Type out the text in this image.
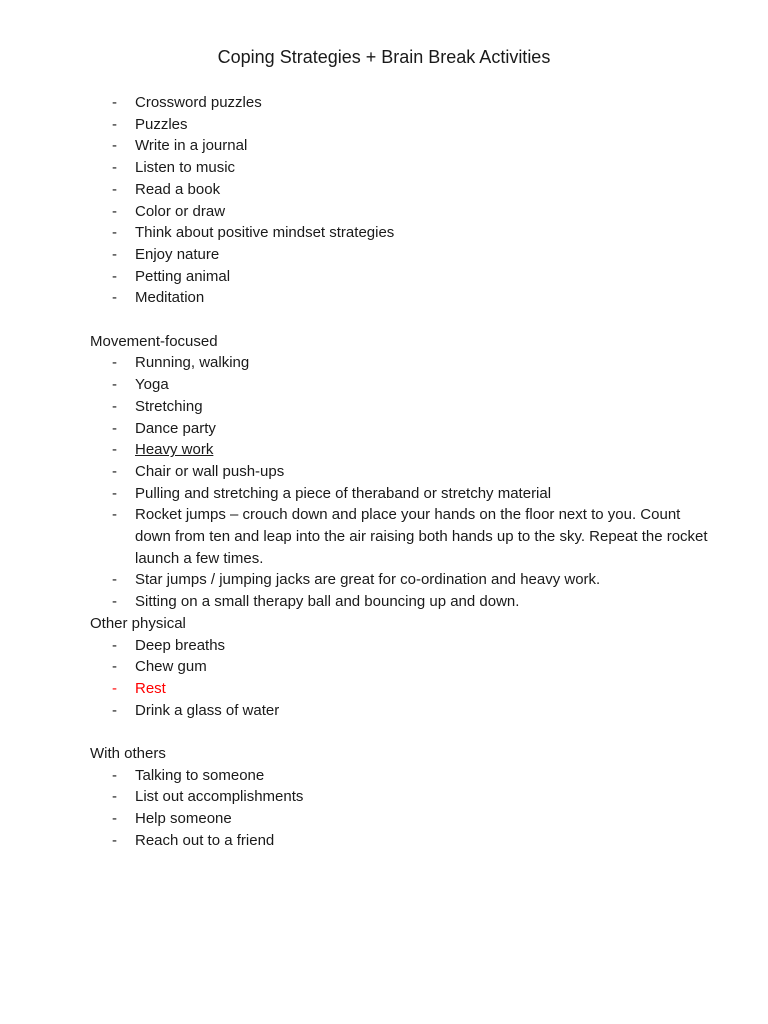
Coping Strategies + Brain Break Activities
- Crossword puzzles
- Puzzles
- Write in a journal
- Listen to music
- Read a book
- Color or draw
- Think about positive mindset strategies
- Enjoy nature
- Petting animal
- Meditation
Movement-focused
- Running, walking
- Yoga
- Stretching
- Dance party
- Heavy work
- Chair or wall push-ups
- Pulling and stretching a piece of theraband or stretchy material
- Rocket jumps – crouch down and place your hands on the floor next to you. Count down from ten and leap into the air raising both hands up to the sky. Repeat the rocket launch a few times.
- Star jumps / jumping jacks are great for co-ordination and heavy work.
- Sitting on a small therapy ball and bouncing up and down.
Other physical
- Deep breaths
- Chew gum
- Rest
- Drink a glass of water
With others
- Talking to someone
- List out accomplishments
- Help someone
- Reach out to a friend
